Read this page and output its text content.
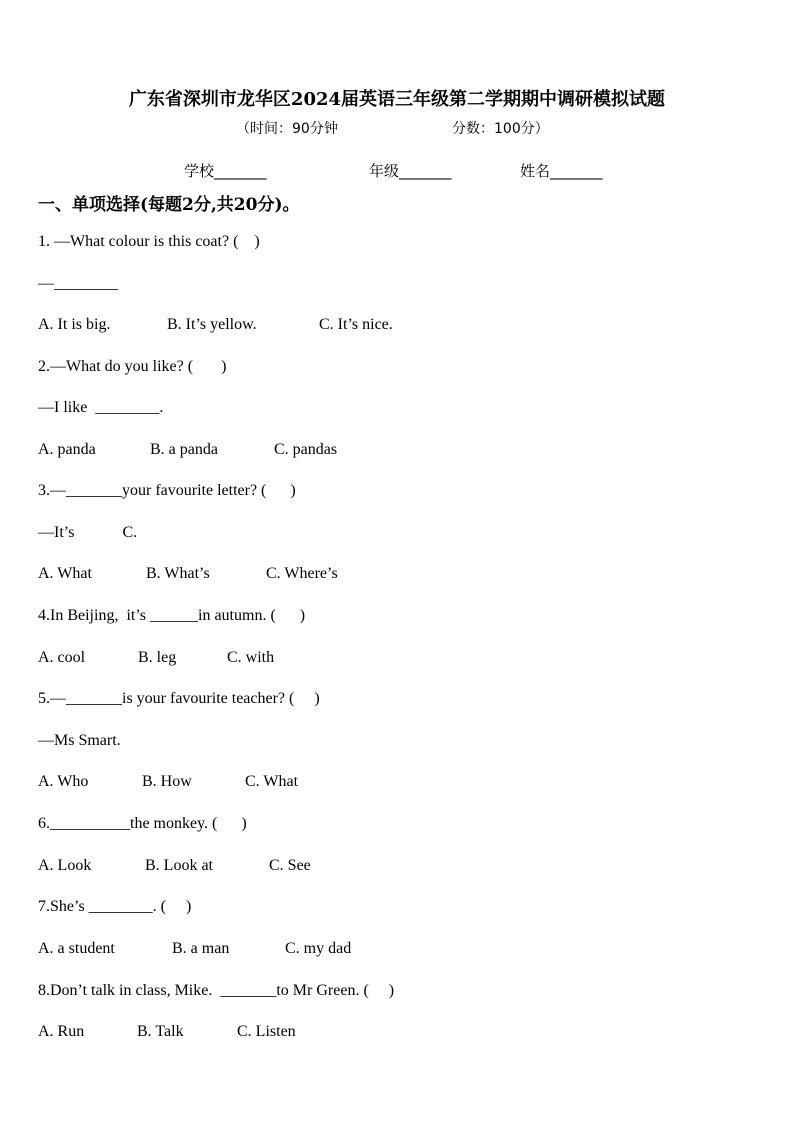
广东省深圳市龙华区2024届英语三年级第二学期期中调研模拟试题
（时间：90分钟	分数：100分）
学校_______	年级_______	姓名_______
一、单项选择(每题2分,共20分)。
1. —What colour is this coat? (    )
—________
A. It is big.	B. It’s yellow.	C. It’s nice.
2.—What do you like? (       )
—I like  ________.
A. panda	B. a panda	C. pandas
3.—_______your favourite letter? (      )
—It’s            C.
A. What	B. What’s	C. Where’s
4.In Beijing,  it’s ______in autumn. (      )
A. cool	B. leg	C. with
5.—_______is your favourite teacher? (     )
—Ms Smart.
A. Who	B. How	C. What
6.__________the monkey. (      )
A. Look	B. Look at	C. See
7.She’s ________. (     )
A. a student	B. a man	C. my dad
8.Don’t talk in class, Mike.  _______to Mr Green. (     )
A. Run	B. Talk	C. Listen
